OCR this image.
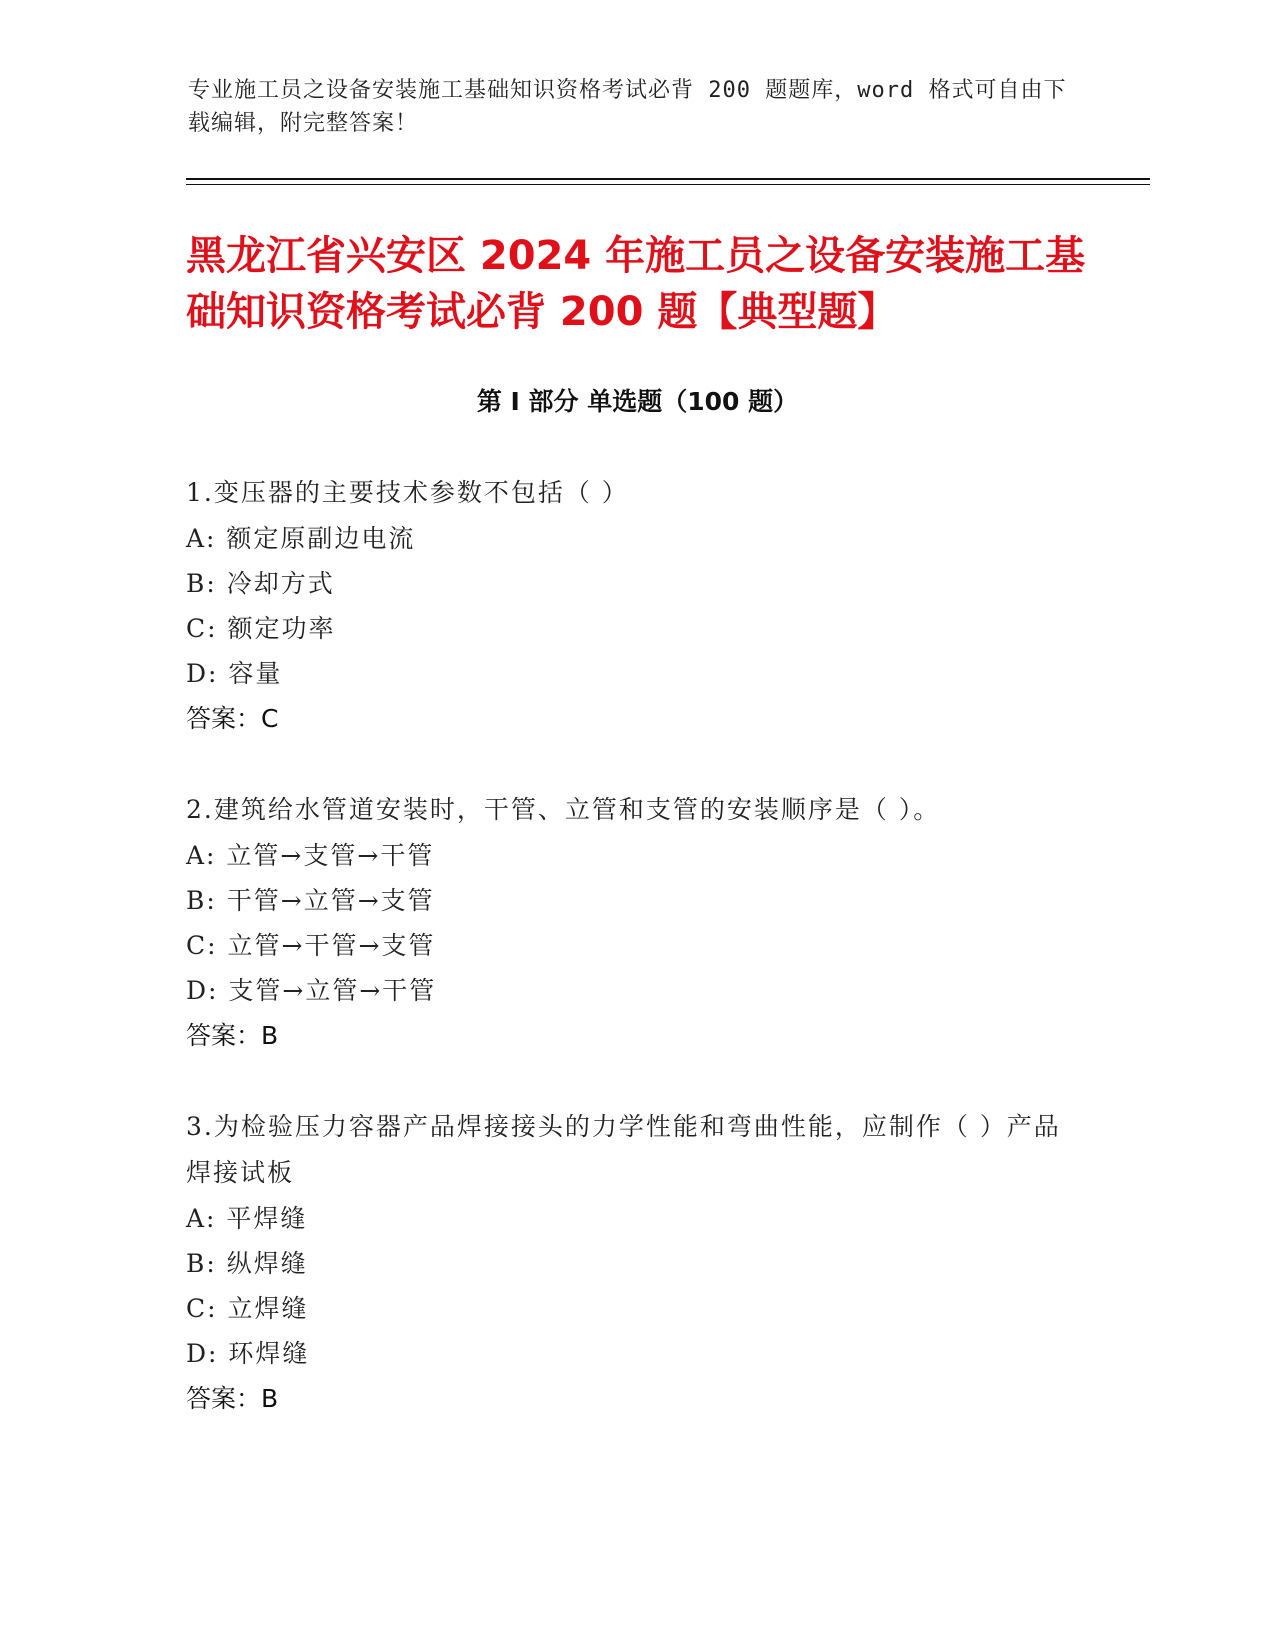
专业施工员之设备安装施工基础知识资格考试必背 200 题题库，word 格式可自由下载编辑，附完整答案！

黑龙江省兴安区 2024 年施工员之设备安装施工基础知识资格考试必背 200 题【典型题】
第 I 部分 单选题（100 题）

1.变压器的主要技术参数不包括（ ）

A: 额定原副边电流

B: 冷却方式

C: 额定功率

D: 容量

答案：C

2.建筑给水管道安装时，干管、立管和支管的安装顺序是（ ）。

A: 立管→支管→干管

B: 干管→立管→支管

C: 立管→干管→支管

D: 支管→立管→干管

答案：B

3.为检验压力容器产品焊接接头的力学性能和弯曲性能，应制作（ ）产品焊接试板

A: 平焊缝

B: 纵焊缝

C: 立焊缝

D: 环焊缝

答案：B
